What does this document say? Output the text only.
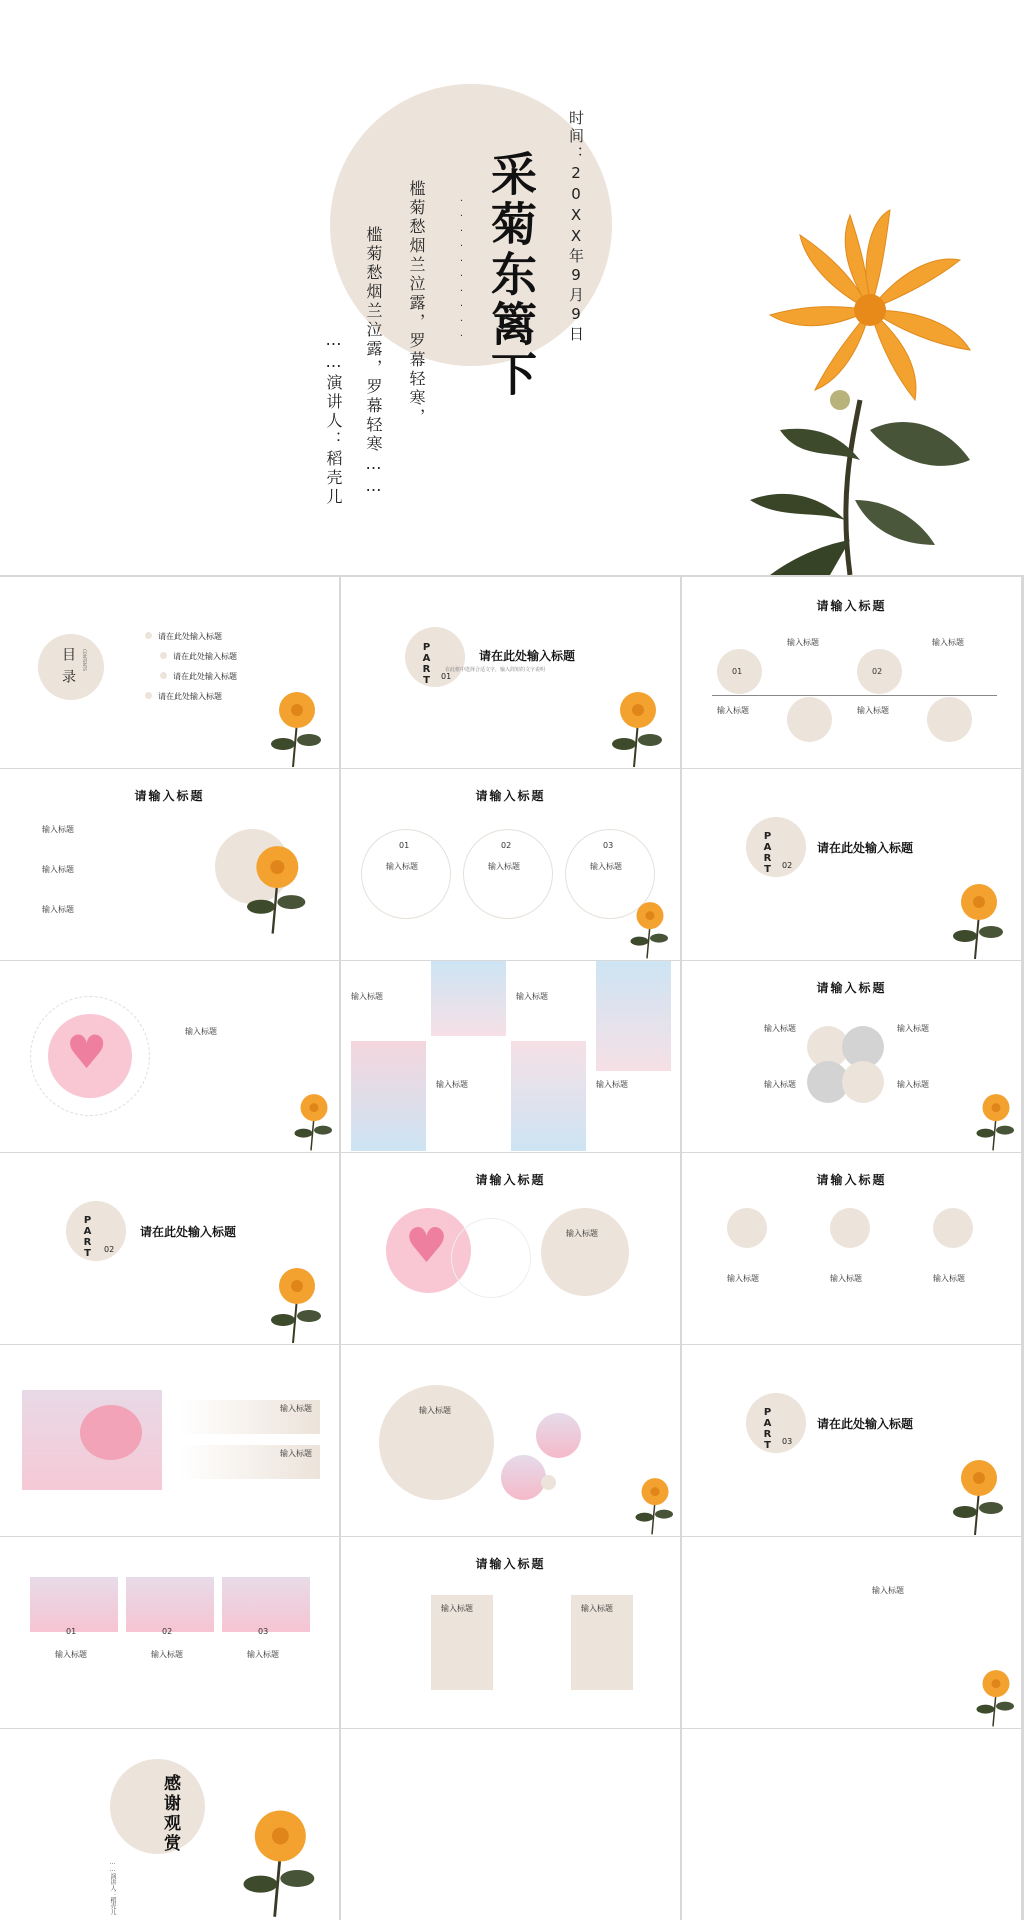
采菊东篱下
··········	时间：20XX年9月9日
槛菊愁烟兰泣露，罗幕轻寒，
槛菊愁烟兰泣露，罗幕轻寒……
……演讲人：稻壳儿
目录	CONTENTS
请在此处输入标题
请在此处输入标题
请在此处输入标题
请在此处输入标题
PART 01
请在此处输入标题
在此框中选择合适文字，输入简短的文字说明
请输入标题
01	02
输入标题	输入标题
输入标题	输入标题
请输入标题
输入标题
输入标题
输入标题
请输入标题
01	02	03
输入标题	输入标题	输入标题	PART 02
请在此处输入标题
♥	输入标题
输入标题	输入标题
输入标题	输入标题
请输入标题
输入标题	输入标题
输入标题	输入标题
PART 02
请在此处输入标题
请输入标题
♥	输入标题
请输入标题
输入标题	输入标题	输入标题
输入标题
输入标题
输入标题	PART 03
请在此处输入标题
01	02	03
输入标题	输入标题	输入标题
请输入标题
输入标题	输入标题
输入标题
感谢观赏
……演讲人：稻壳儿
